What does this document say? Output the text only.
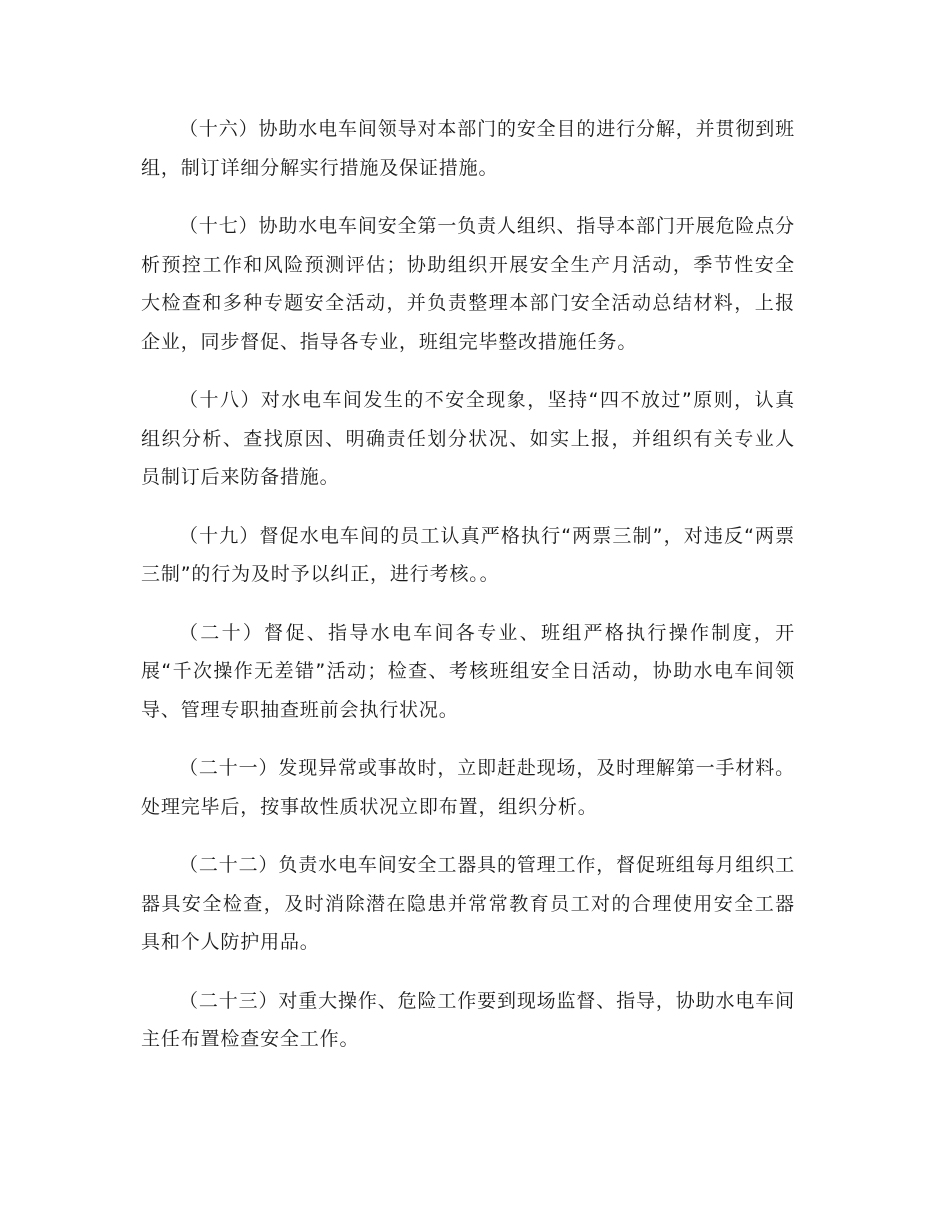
（十六）协助水电车间领导对本部门的安全目的进行分解，并贯彻到班组，制订详细分解实行措施及保证措施。

（十七）协助水电车间安全第一负责人组织、指导本部门开展危险点分析预控工作和风险预测评估；协助组织开展安全生产月活动，季节性安全大检查和多种专题安全活动，并负责整理本部门安全活动总结材料，上报企业，同步督促、指导各专业，班组完毕整改措施任务。

（十八）对水电车间发生的不安全现象，坚持“四不放过”原则，认真组织分析、查找原因、明确责任划分状况、如实上报，并组织有关专业人员制订后来防备措施。

（十九）督促水电车间的员工认真严格执行“两票三制”，对违反“两票三制”的行为及时予以纠正，进行考核。。

（二十）督促、指导水电车间各专业、班组严格执行操作制度，开展“千次操作无差错”活动；检查、考核班组安全日活动，协助水电车间领导、管理专职抽查班前会执行状况。

（二十一）发现异常或事故时，立即赶赴现场，及时理解第一手材料。处理完毕后，按事故性质状况立即布置，组织分析。

（二十二）负责水电车间安全工器具的管理工作，督促班组每月组织工器具安全检查，及时消除潜在隐患并常常教育员工对的合理使用安全工器具和个人防护用品。

（二十三）对重大操作、危险工作要到现场监督、指导，协助水电车间主任布置检查安全工作。
